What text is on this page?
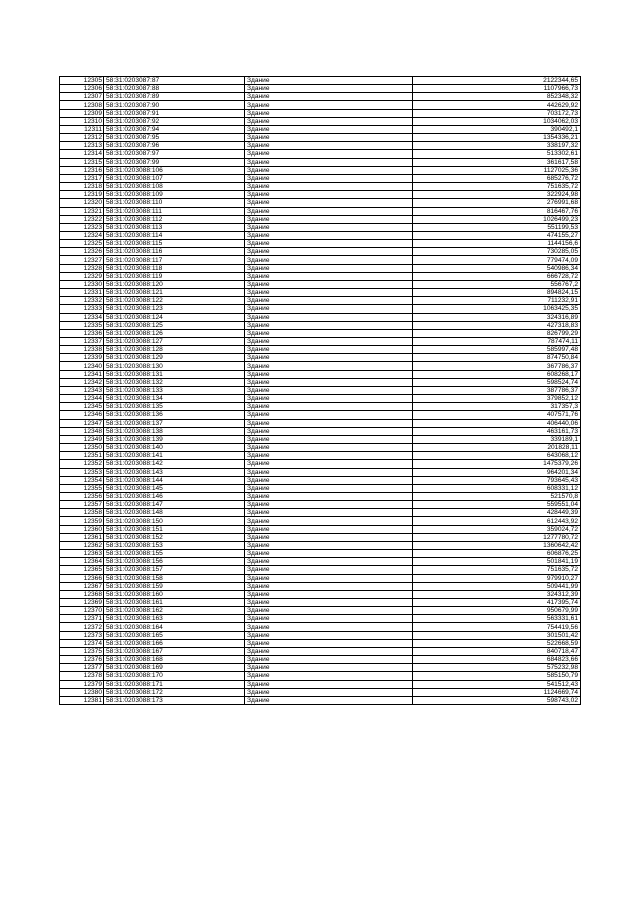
12305	58:31:0203087:87	Здание	2122344,65
12306	58:31:0203087:88	Здание	1107966,73
12307	58:31:0203087:89	Здание	852348,32
12308	58:31:0203087:90	Здание	442629,92
12309	58:31:0203087:91	Здание	703172,73
12310	58:31:0203087:92	Здание	1034062,03
12311	58:31:0203087:94	Здание	390492,1
12312	58:31:0203087:95	Здание	1354336,21
12313	58:31:0203087:96	Здание	338197,32
12314	58:31:0203087:97	Здание	513302,61
12315	58:31:0203087:99	Здание	361617,58
12316	58:31:0203088:106	Здание	1127025,36
12317	58:31:0203088:107	Здание	685276,72
12318	58:31:0203088:108	Здание	751635,72
12319	58:31:0203088:109	Здание	322924,98
12320	58:31:0203088:110	Здание	276991,68
12321	58:31:0203088:111	Здание	816467,76
12322	58:31:0203088:112	Здание	1026499,23
12323	58:31:0203088:113	Здание	551199,53
12324	58:31:0203088:114	Здание	474155,27
12325	58:31:0203088:115	Здание	1144156,6
12326	58:31:0203088:116	Здание	730285,05
12327	58:31:0203088:117	Здание	779474,09
12328	58:31:0203088:118	Здание	540986,34
12329	58:31:0203088:119	Здание	666728,72
12330	58:31:0203088:120	Здание	556767,2
12331	58:31:0203088:121	Здание	894824,15
12332	58:31:0203088:122	Здание	711232,91
12333	58:31:0203088:123	Здание	1063425,35
12334	58:31:0203088:124	Здание	324316,89
12335	58:31:0203088:125	Здание	427318,83
12336	58:31:0203088:126	Здание	826799,29
12337	58:31:0203088:127	Здание	787474,11
12338	58:31:0203088:128	Здание	585997,48
12339	58:31:0203088:129	Здание	874750,84
12340	58:31:0203088:130	Здание	367786,37
12341	58:31:0203088:131	Здание	608268,17
12342	58:31:0203088:132	Здание	598524,74
12343	58:31:0203088:133	Здание	387786,37
12344	58:31:0203088:134	Здание	379852,12
12345	58:31:0203088:135	Здание	317357,3
12346	58:31:0203088:136	Здание	407571,76
12347	58:31:0203088:137	Здание	406440,06
12348	58:31:0203088:138	Здание	463161,73
12349	58:31:0203088:139	Здание	339189,1
12350	58:31:0203088:140	Здание	201828,11
12351	58:31:0203088:141	Здание	643068,12
12352	58:31:0203088:142	Здание	1475379,26
12353	58:31:0203088:143	Здание	964201,34
12354	58:31:0203088:144	Здание	793645,43
12355	58:31:0203088:145	Здание	608331,12
12356	58:31:0203088:146	Здание	521570,8
12357	58:31:0203088:147	Здание	559551,04
12358	58:31:0203088:148	Здание	428449,39
12359	58:31:0203088:150	Здание	612443,92
12360	58:31:0203088:151	Здание	359024,72
12361	58:31:0203088:152	Здание	1277780,72
12362	58:31:0203088:153	Здание	1360642,42
12363	58:31:0203088:155	Здание	606876,25
12364	58:31:0203088:156	Здание	501841,19
12365	58:31:0203088:157	Здание	751635,72
12366	58:31:0203088:158	Здание	979910,27
12367	58:31:0203088:159	Здание	509441,99
12368	58:31:0203088:160	Здание	324312,39
12369	58:31:0203088:161	Здание	417395,74
12370	58:31:0203088:162	Здание	950679,99
12371	58:31:0203088:163	Здание	563331,61
12372	58:31:0203088:164	Здание	754419,56
12373	58:31:0203088:165	Здание	301501,42
12374	58:31:0203088:166	Здание	522668,59
12375	58:31:0203088:167	Здание	840718,47
12376	58:31:0203088:168	Здание	684823,66
12377	58:31:0203088:169	Здание	575232,98
12378	58:31:0203088:170	Здание	585150,79
12379	58:31:0203088:171	Здание	541512,43
12380	58:31:0203088:172	Здание	1124669,74
12381	58:31:0203088:173	Здание	598743,02
